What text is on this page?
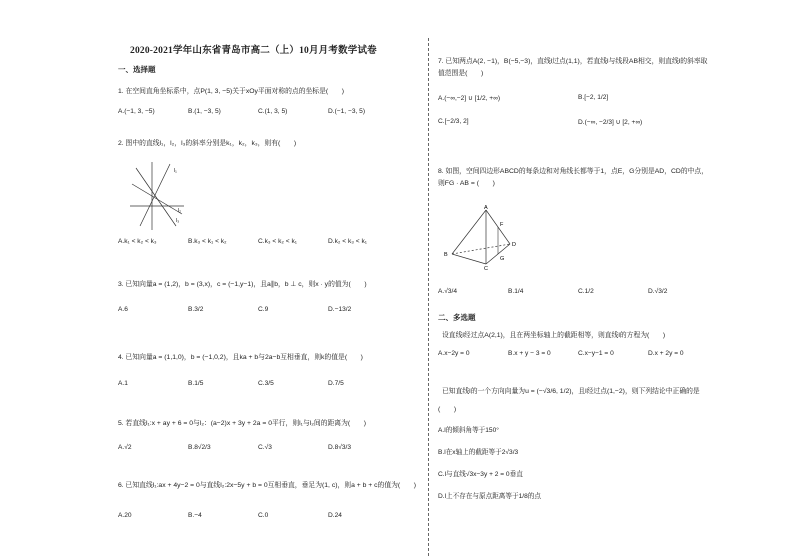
2020-2021学年山东省青岛市高二（上）10月月考数学试卷
一、选择题
1. 在空间直角坐标系中，点P(1, 3, −5)关于xOy平面对称的点的坐标是(　　)
A.(−1, 3, −5)	B.(1, −3, 5)	C.(1, 3, 5)	D.(−1, −3, 5)
2. 图中的直线l₁，l₂，l₃的斜率分别是k₁，k₂，k₃，则有(　　)
l₁
l₂
l₃
A.k₁ < k₂ < k₃	B.k₃ < k₁ < k₂	C.k₃ < k₂ < k₁	D.k₂ < k₃ < k₁
3. 已知向量a = (1,2)，b = (3,x)，c = (−1,y−1)，且a∥b，b ⊥ c，则x · y的值为(　　)
A.6	B.3/2	C.9	D.−13/2
4. 已知向量a = (1,1,0)，b = (−1,0,2)，且ka + b与2a−b互相垂直，则k的值是(　　)
A.1	B.1/5	C.3/5	D.7/5
5. 若直线l₁:x + ay + 6 = 0与l₂：(a−2)x + 3y + 2a = 0平行，则l₁与l₂间的距离为(　　)
A.√2	B.8√2/3	C.√3	D.8√3/3
6. 已知直线l₁:ax + 4y−2 = 0与直线l₂:2x−5y + b = 0互相垂直，垂足为(1, c)，则a + b + c的值为(　　)
A.20	B.−4	C.0	D.24
7. 已知两点A(2, −1)，B(−5,−3)，直线l过点(1,1)，若直线l与线段AB相交，则直线l的斜率取值范围是(　　)
A.(−∞,−2] ∪ [1/2, +∞)	B.[−2, 1/2]
C.[−2/3, 2]	D.(−∞, −2/3] ∪ [2, +∞)
8. 如图，空间四边形ABCD的每条边和对角线长都等于1，点E，G分别是AD，CD的中点，则FG · AB = (　　)
A
B
C
D
F
G
A.√3/4	B.1/4	C.1/2	D.√3/2
二、多选题
设直线l经过点A(2,1)，且在两坐标轴上的截距相等，则直线l的方程为(　　)
A.x−2y = 0	B.x + y − 3 = 0	C.x−y−1 = 0	D.x + 2y = 0
已知直线l的一个方向向量为u = (−√3/6, 1/2)，且l经过点(1,−2)，则下列结论中正确的是
(　　)
A.l的倾斜角等于150°
B.l在x轴上的截距等于2√3/3
C.l与直线√3x−3y + 2 = 0垂直
D.l上不存在与原点距离等于1/8的点
